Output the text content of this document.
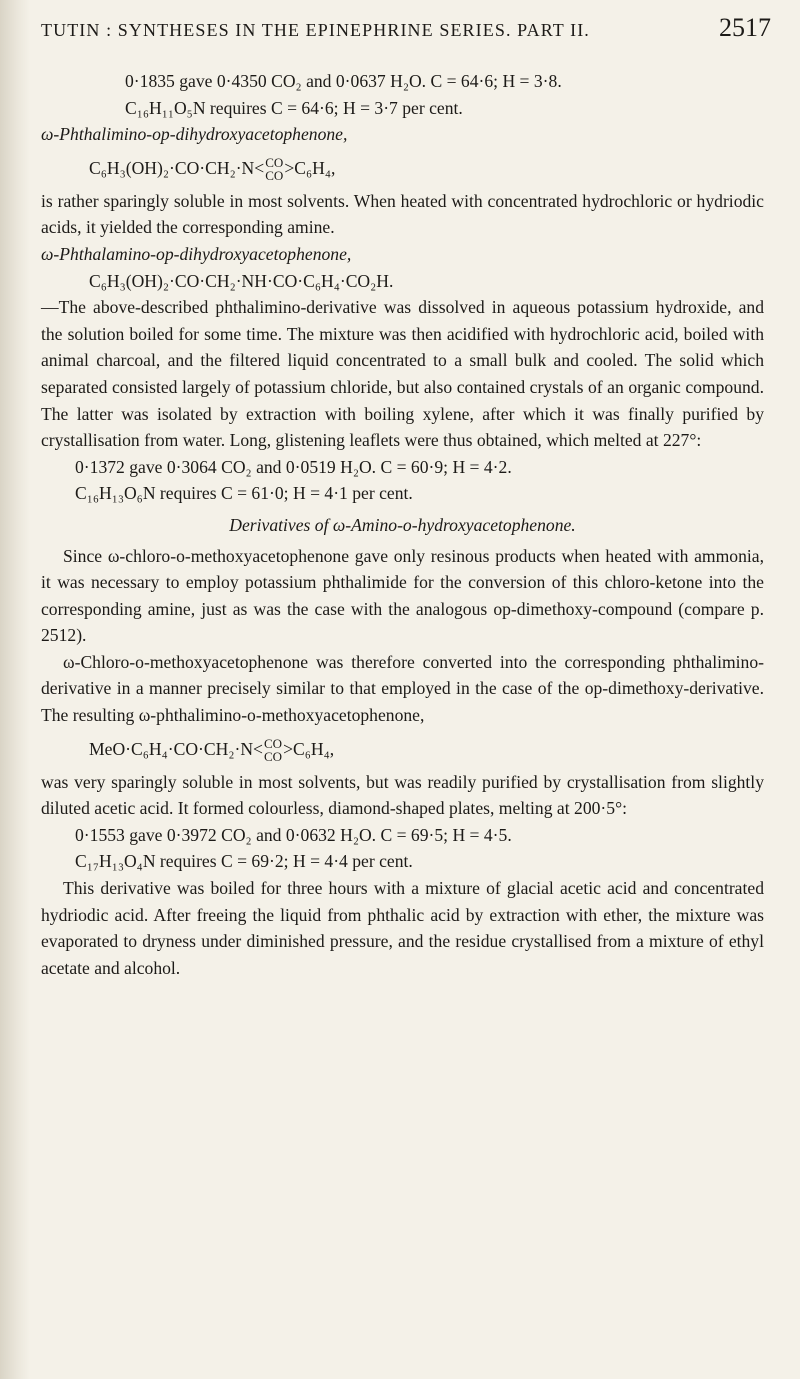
TUTIN : SYNTHESES IN THE EPINEPHRINE SERIES. PART II.	2517

0·1835 gave 0·4350 CO₂ and 0·0637 H₂O. C = 64·6; H = 3·8.

C₁₆H₁₁O₅N requires C = 64·6; H = 3·7 per cent.

ω-Phthalimino-op-dihydroxyacetophenone,

C₆H₃(OH)₂·CO·CH₂·N< CO
CO >C₆H₄,

is rather sparingly soluble in most solvents. When heated with concentrated hydrochloric or hydriodic acids, it yielded the corresponding amine.

ω-Phthalamino-op-dihydroxyacetophenone,

C₆H₃(OH)₂·CO·CH₂·NH·CO·C₆H₄·CO₂H.

—The above-described phthalimino-derivative was dissolved in aqueous potassium hydroxide, and the solution boiled for some time. The mixture was then acidified with hydrochloric acid, boiled with animal charcoal, and the filtered liquid concentrated to a small bulk and cooled. The solid which separated consisted largely of potassium chloride, but also contained crystals of an organic compound. The latter was isolated by extraction with boiling xylene, after which it was finally purified by crystallisation from water. Long, glistening leaflets were thus obtained, which melted at 227°:

0·1372 gave 0·3064 CO₂ and 0·0519 H₂O. C = 60·9; H = 4·2.

C₁₆H₁₃O₆N requires C = 61·0; H = 4·1 per cent.

Derivatives of ω-Amino-o-hydroxyacetophenone.

Since ω-chloro-o-methoxyacetophenone gave only resinous products when heated with ammonia, it was necessary to employ potassium phthalimide for the conversion of this chloro-ketone into the corresponding amine, just as was the case with the analogous op-dimethoxy-compound (compare p. 2512).

ω-Chloro-o-methoxyacetophenone was therefore converted into the corresponding phthalimino-derivative in a manner precisely similar to that employed in the case of the op-dimethoxy-derivative. The resulting ω-phthalimino-o-methoxyacetophenone,

MeO·C₆H₄·CO·CH₂·N< CO
CO >C₆H₄,

was very sparingly soluble in most solvents, but was readily purified by crystallisation from slightly diluted acetic acid. It formed colourless, diamond-shaped plates, melting at 200·5°:

0·1553 gave 0·3972 CO₂ and 0·0632 H₂O. C = 69·5; H = 4·5.

C₁₇H₁₃O₄N requires C = 69·2; H = 4·4 per cent.

This derivative was boiled for three hours with a mixture of glacial acetic acid and concentrated hydriodic acid. After freeing the liquid from phthalic acid by extraction with ether, the mixture was evaporated to dryness under diminished pressure, and the residue crystallised from a mixture of ethyl acetate and alcohol.
